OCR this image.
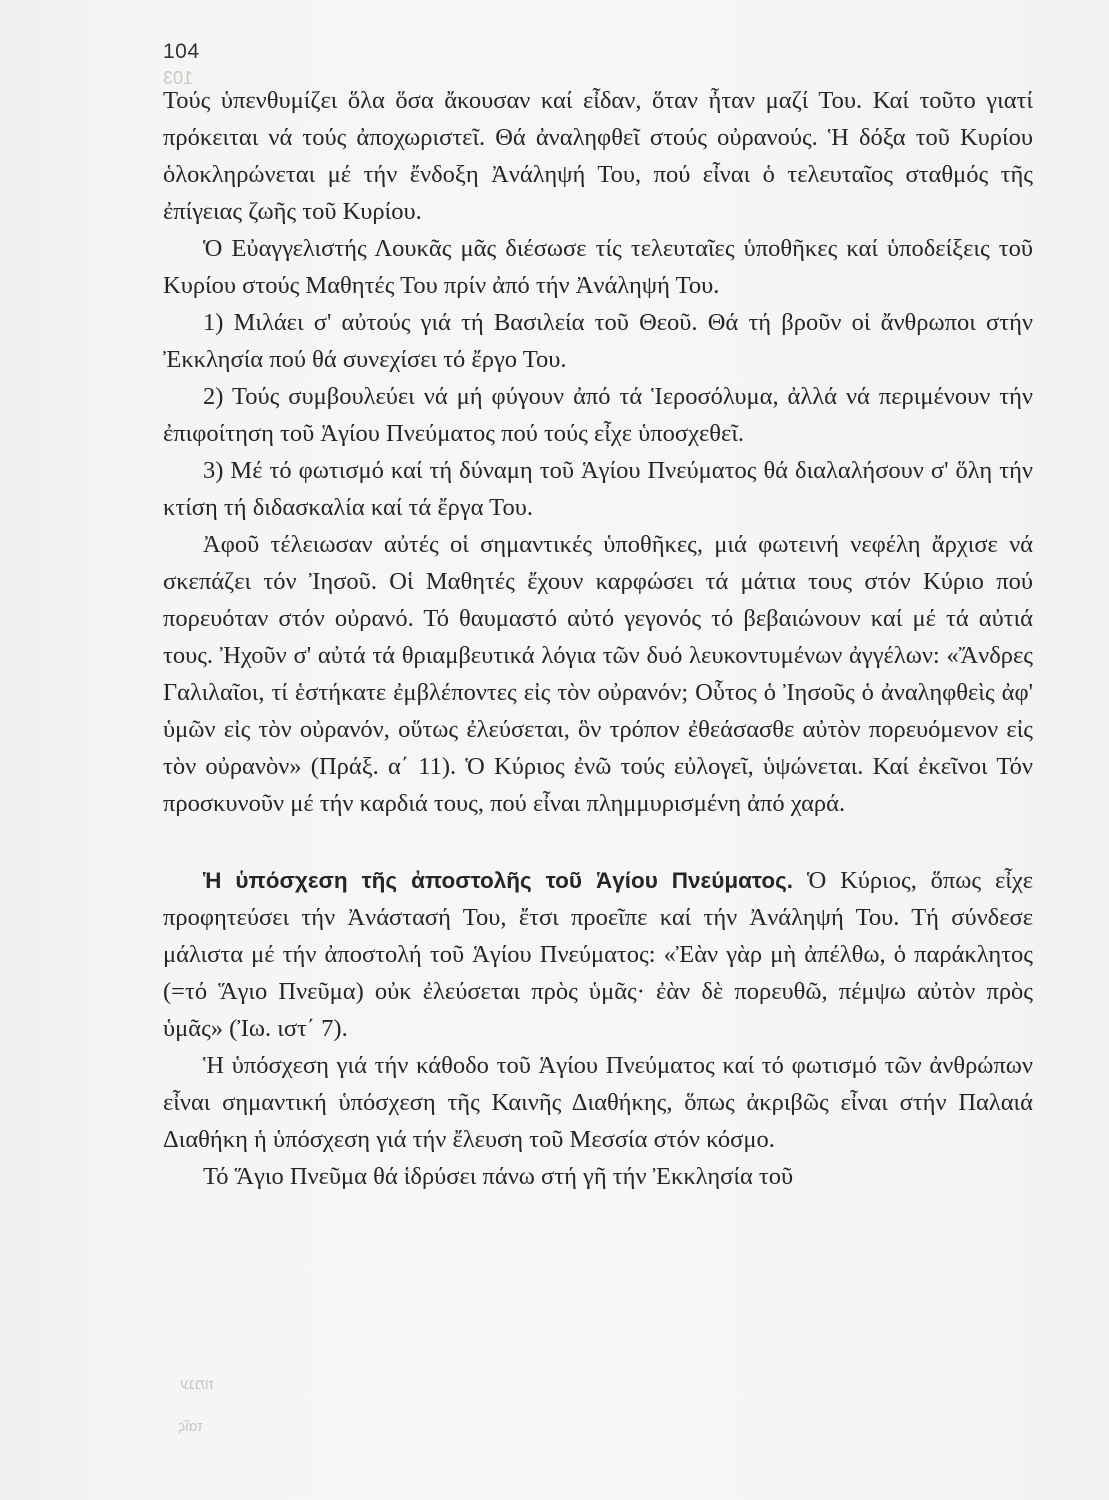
104
103

Τούς ὑπενθυμίζει ὅλα ὅσα ἄκουσαν καί εἶδαν, ὅταν ἦταν μαζί Του. Καί τοῦτο γιατί πρόκειται νά τούς ἀποχωριστεῖ. Θά ἀναληφθεῖ στούς οὐρανούς. Ἡ δόξα τοῦ Κυρίου ὁλοκληρώνεται μέ τήν ἔνδοξη Ἀνάληψή Του, πού εἶναι ὁ τελευταῖος σταθμός τῆς ἐπίγειας ζωῆς τοῦ Κυρίου.

Ὁ Εὐαγγελιστής Λουκᾶς μᾶς διέσωσε τίς τελευταῖες ὑποθῆκες καί ὑποδείξεις τοῦ Κυρίου στούς Μαθητές Του πρίν ἀπό τήν Ἀνάληψή Του.

1) Μιλάει σ' αὐτούς γιά τή Βασιλεία τοῦ Θεοῦ. Θά τή βροῦν οἱ ἄνθρωποι στήν Ἐκκλησία πού θά συνεχίσει τό ἔργο Του.

2) Τούς συμβουλεύει νά μή φύγουν ἀπό τά Ἱεροσόλυμα, ἀλλά νά περιμένουν τήν ἐπιφοίτηση τοῦ Ἁγίου Πνεύματος πού τούς εἶχε ὑποσχεθεῖ.

3) Μέ τό φωτισμό καί τή δύναμη τοῦ Ἁγίου Πνεύματος θά διαλαλήσουν σ' ὅλη τήν κτίση τή διδασκαλία καί τά ἔργα Του.

Ἀφοῦ τέλειωσαν αὐτές οἱ σημαντικές ὑποθῆκες, μιά φωτεινή νεφέλη ἄρχισε νά σκεπάζει τόν Ἰησοῦ. Οἱ Μαθητές ἔχουν καρφώσει τά μάτια τους στόν Κύριο πού πορευόταν στόν οὐρανό. Τό θαυμαστό αὐτό γεγονός τό βεβαιώνουν καί μέ τά αὐτιά τους. Ἠχοῦν σ' αὐτά τά θριαμβευτικά λόγια τῶν δυό λευκοντυμένων ἀγγέλων: «Ἄνδρες Γαλιλαῖοι, τί ἑστήκατε ἐμβλέποντες εἰς τὸν οὐρανόν; Οὗτος ὁ Ἰησοῦς ὁ ἀναληφθεὶς ἀφ' ὑμῶν εἰς τὸν οὐρανόν, οὕτως ἐλεύσεται, ὃν τρόπον ἐθεάσασθε αὐτὸν πορευόμενον εἰς τὸν οὐρανὸν» (Πράξ. α΄ 11). Ὁ Κύριος ἐνῶ τούς εὐλογεῖ, ὑψώνεται. Καί ἐκεῖνοι Τόν προσκυνοῦν μέ τήν καρδιά τους, πού εἶναι πλημμυρισμένη ἀπό χαρά.

Ἡ ὑπόσχεση τῆς ἀποστολῆς τοῦ Ἁγίου Πνεύματος. Ὁ Κύριος, ὅπως εἶχε προφητεύσει τήν Ἀνάστασή Του, ἔτσι προεῖπε καί τήν Ἀνάληψή Του. Τή σύνδεσε μάλιστα μέ τήν ἀποστολή τοῦ Ἁγίου Πνεύματος: «Ἐὰν γὰρ μὴ ἀπέλθω, ὁ παράκλητος (=τό Ἅγιο Πνεῦμα) οὐκ ἐλεύσεται πρὸς ὑμᾶς· ἐὰν δὲ πορευθῶ, πέμψω αὐτὸν πρὸς ὑμᾶς» (Ἰω. ιστ΄ 7).

Ἡ ὑπόσχεση γιά τήν κάθοδο τοῦ Ἁγίου Πνεύματος καί τό φωτισμό τῶν ἀνθρώπων εἶναι σημαντική ὑπόσχεση τῆς Καινῆς Διαθήκης, ὅπως ἀκριβῶς εἶναι στήν Παλαιά Διαθήκη ἡ ὑπόσχεση γιά τήν ἔλευση τοῦ Μεσσία στόν κόσμο.

Τό Ἅγιο Πνεῦμα θά ἱδρύσει πάνω στή γῆ τήν Ἐκκλησία τοῦ

ענמוז
ταῖς
